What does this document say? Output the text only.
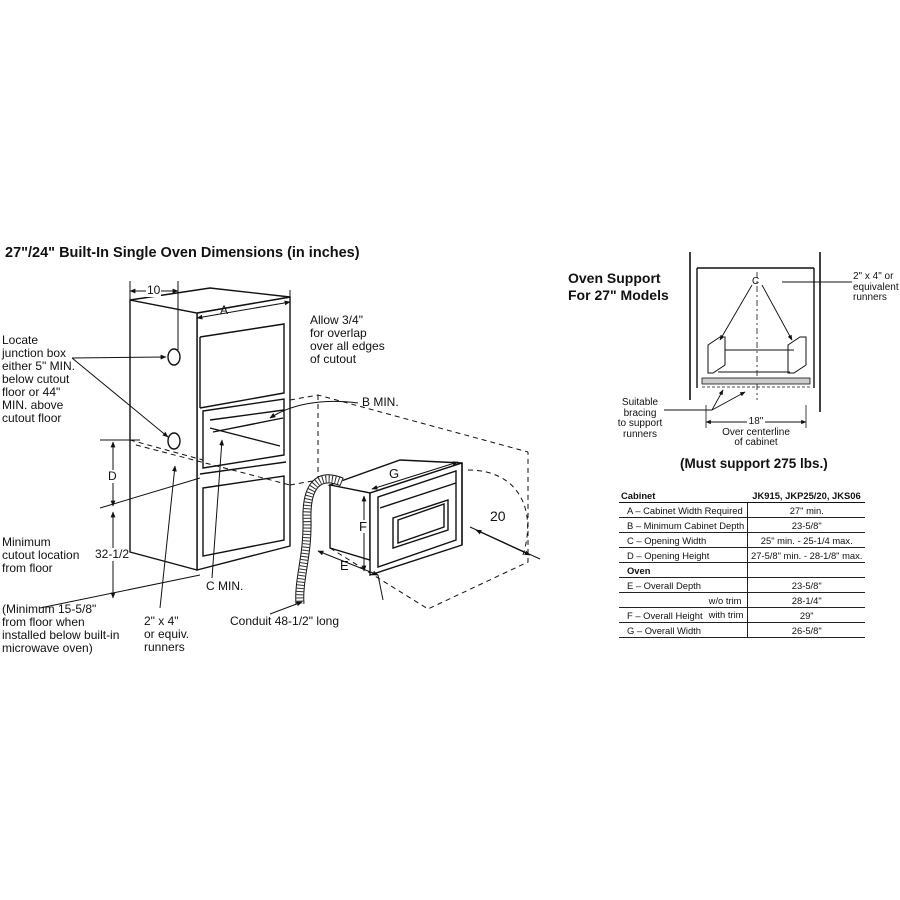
27"/24" Built-In Single Oven Dimensions (in inches)
10
A
Allow 3/4"
for overlap
over all edges
of cutout
Locate
junction box
either 5" MIN.
below cutout
floor or 44"
MIN. above
cutout floor
B MIN.
D
32-1/2
Minimum
cutout location
from floor
C MIN.
(Minimum 15-5/8"
from floor when
installed below built-in
microwave oven)
2" x 4"
or equiv.
runners
Conduit 48-1/2" long
G
F
E
20
Oven Support
For 27" Models
C	2" x 4" or
equivalent
runners
Suitable
bracing
to support
runners
18"
Over centerline
of cabinet
(Must support 275 lbs.)
Cabinet	JK915, JKP25/20, JKS06
A – Cabinet Width Required	27" min.
B – Minimum Cabinet Depth	23-5/8"
C – Opening Width	25" min. - 25-1/4 max.
D – Opening Height	27-5/8" min. - 28-1/8" max.
Oven	
E – Overall Depth	23-5/8"
w/o trim	28-1/4"
F – Overall Height with trim	29"
G – Overall Width	26-5/8"
